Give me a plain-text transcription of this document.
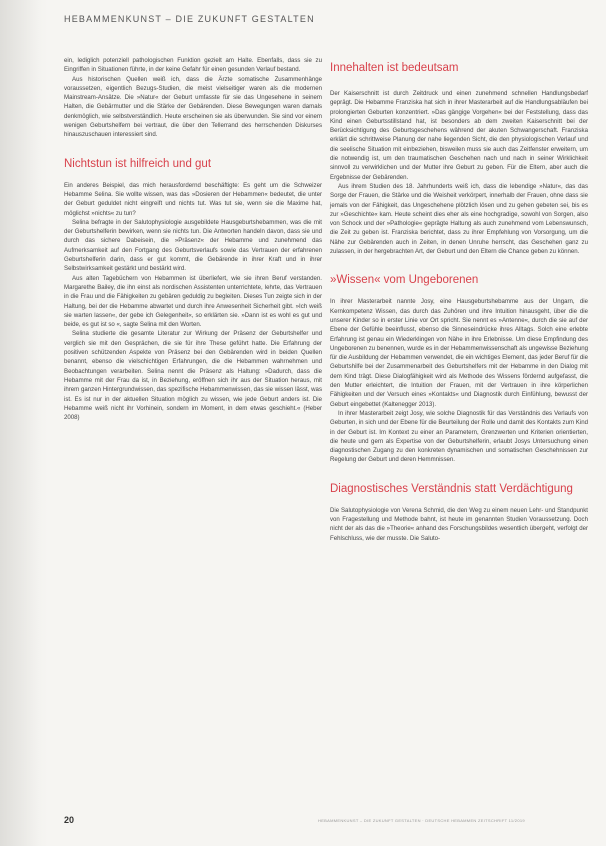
HEBAMMENKUNST – DIE ZUKUNFT GESTALTEN

ein, lediglich potenziell pathologischen Funktion gezielt am Halte. Ebenfalls, dass sie zu Eingriffen in Situationen führte, in der keine Gefahr für einen gesunden Verlauf bestand.

Aus historischen Quellen weiß ich, dass die Ärzte somatische Zusammenhänge voraussetzen, eigentlich Bezugs-Studien, die meist vielseitiger waren als die modernen Mainstream-Ansätze. Die »Natur« der Geburt umfasste für sie das Ungesehene in seinem Halten, die Gebärmutter und die Stärke der Gebärenden. Diese Bewegungen waren damals denkmöglich, wie selbstverständlich. Heute erscheinen sie als überwunden. Sie sind vor einem wenigen Geburtshelfern bei vertraut, die über den Tellerrand des herrschenden Diskurses hinauszuschauen interessiert sind.

Nichtstun ist hilfreich und gut

Ein anderes Beispiel, das mich herausfordernd beschäftigte: Es geht um die Schweizer Hebamme Selina. Sie wollte wissen, was das »Dosieren der Hebammen« bedeutet, die unter der Geburt geduldet nicht eingreift und nichts tut. Was tut sie, wenn sie die Maxime hat, möglichst »nichts« zu tun?

Selina befragte in der Salutophysiologie ausgebildete Hausgeburtshebammen, was die mit der Geburtshelferin bewirken, wenn sie nichts tun. Die Antworten handeln davon, dass sie und durch das sichere Dabeisein, die »Präsenz« der Hebamme und zunehmend das Aufmerksamkeit auf den Fortgang des Geburtsverlaufs sowie das Vertrauen der erfahrenen Geburtshelferin darin, dass er gut kommt, die Gebärende in ihrer Kraft und in ihrer Selbstwirksamkeit gestärkt und bestärkt wird.

Aus alten Tagebüchern von Hebammen ist überliefert, wie sie ihren Beruf verstanden. Margarethe Bailey, die ihn einst als nordischen Assistenten unterrichtete, lehrte, das Vertrauen in die Frau und die Fähigkeiten zu gebären geduldig zu begleiten. Dieses Tun zeigte sich in der Haltung, bei der die Hebamme abwartet und durch ihre Anwesenheit Sicherheit gibt. »Ich weiß sie warten lassen«, der gebe ich Gelegenheit«, so erklärten sie. »Dann ist es wohl es gut und beide, es gut ist so «, sagte Selina mit den Worten.

Selina studierte die gesamte Literatur zur Wirkung der Präsenz der Geburtshelfer und verglich sie mit den Gesprächen, die sie für ihre These geführt hatte. Die Erfahrung der positiven schützenden Aspekte von Präsenz bei den Gebärenden wird in beiden Quellen benannt, ebenso die vielschichtigen Erfahrungen, die die Hebammen wahrnehmen und Beobachtungen verarbeiten. Selina nennt die Präsenz als Haltung: »Dadurch, dass die Hebamme mit der Frau da ist, in Beziehung, eröffnen sich ihr aus der Situation heraus, mit ihrem ganzen Hintergrundwissen, das spezifische Hebammenwissen, das sie wissen lässt, was ist. Es ist nur in der aktuellen Situation möglich zu wissen, wie jede Geburt anders ist. Die Hebamme weiß nicht ihr Vorhinein, sondern im Moment, in dem etwas geschieht.« (Heber 2008)

Innehalten ist bedeutsam

Der Kaiserschnitt ist durch Zeitdruck und einen zunehmend schnellen Handlungsbedarf geprägt. Die Hebamme Franziska hat sich in ihrer Masterarbeit auf die Handlungsabläufen bei prolongierten Geburten konzentriert. »Das gängige Vorgehen« bei der Feststellung, dass das Kind einen Geburtsstillstand hat, ist besonders ab dem zweiten Kaiserschnitt bei der Berücksichtigung des Geburtsgeschehens während der akuten Schwangerschaft. Franziska erklärt die schrittweise Planung der nahe liegenden Sicht, die den physiologischen Verlauf und die seelische Situation mit einbeziehen, bisweilen muss sie auch das Zeitfenster erweitern, um die notwendig ist, um den traumatischen Geschehen nach und nach in seiner Wirklichkeit sinnvoll zu verwirklichen und der Mutter ihre Geburt zu geben. Für die Eltern, aber auch die Ergebnisse der Gebärenden.

Aus ihrem Studien des 18. Jahrhunderts weiß ich, dass die lebendige »Natur«, das das Sorge der Frauen, die Stärke und die Weisheit verkörpert, innerhalb der Frauen, ohne dass sie jemals von der Fähigkeit, das Ungeschehene plötzlich lösen und zu gehen gebeten sei, bis es zur »Geschichte« kam. Heute scheint dies eher als eine hochgradige, sowohl von Sorgen, also von Schock und der »Pathologie« geprägte Haltung als auch zunehmend vom Lebenswunsch, die Zeit zu geben ist. Franziska berichtet, dass zu ihrer Empfehlung von Vorsorgung, um die Nähe zur Gebärenden auch in Zeiten, in denen Unruhe herrscht, das Geschehen ganz zu zulassen, in der hergebrachten Art, der Geburt und den Eltern die Chance geben zu können.

»Wissen« vom Ungeborenen

In ihrer Masterarbeit nannte Josy, eine Hausgeburtshebamme aus der Ungarn, die Kernkompetenz Wissen, das durch das Zuhören und ihre Intuition hinausgeht, über die die unserer Kinder so in erster Linie vor Ort spricht. Sie nennt es »Antenne«, durch die sie auf der Ebene der Gefühle beeinflusst, ebenso die Sinneseindrücke ihres Alltags. Solch eine erlebte Erfahrung ist genau ein Wiederklingen von Nähe in ihre Erlebnisse. Um diese Empfindung des Ungeborenen zu benennen, wurde es in der Hebammenwissenschaft als ungewisse Beziehung für die Ausbildung der Hebammen verwendet, die ein wichtiges Element, das jeder Beruf für die Geburtshilfe bei der Zusammenarbeit des Geburtshelfers mit der Hebamme in den Dialog mit dem Kind trägt. Diese Dialogfähigkeit wird als Methode des Wissens fördernd aufgefasst, die den Mutter erleichtert, die Intuition der Frauen, mit der Vertrauen in ihre körperlichen Fähigkeiten und der Versuch eines »Kontakts« und Diagnostik durch Einfühlung, bewusst der Geburt eingebettet (Kaltenegger 2013).

In ihrer Masterarbeit zeigt Josy, wie solche Diagnostik für das Verständnis des Verlaufs von Geburten, in sich und der Ebene für die Beurteilung der Rolle und damit des Kontakts zum Kind in der Geburt ist. Im Kontext zu einer an Parametern, Grenzwerten und Kriterien orientierten, die heute und gern als Expertise von der Geburtshelferin, erlaubt Josys Untersuchung einen diagnostischen Zugang zu den konkreten dynamischen und somatischen Geschehnissen zur Regelung der Geburt und deren Hemmnissen.

Diagnostisches Verständnis statt Verdächtigung

Die Salutophysiologie von Verena Schmid, die den Weg zu einem neuen Lehr- und Standpunkt von Fragestellung und Methode bahnt, ist heute im genannten Studien Voraussetzung. Doch nicht der als das die »Theorie« anhand des Forschungsbildes wesentlich übergeht, verfolgt der Fehlschluss, wie der musste. Die Saluto-

20	HEBAMMENKUNST – DIE ZUKUNFT GESTALTEN · DEUTSCHE HEBAMMEN ZEITSCHRIFT 11/2019
